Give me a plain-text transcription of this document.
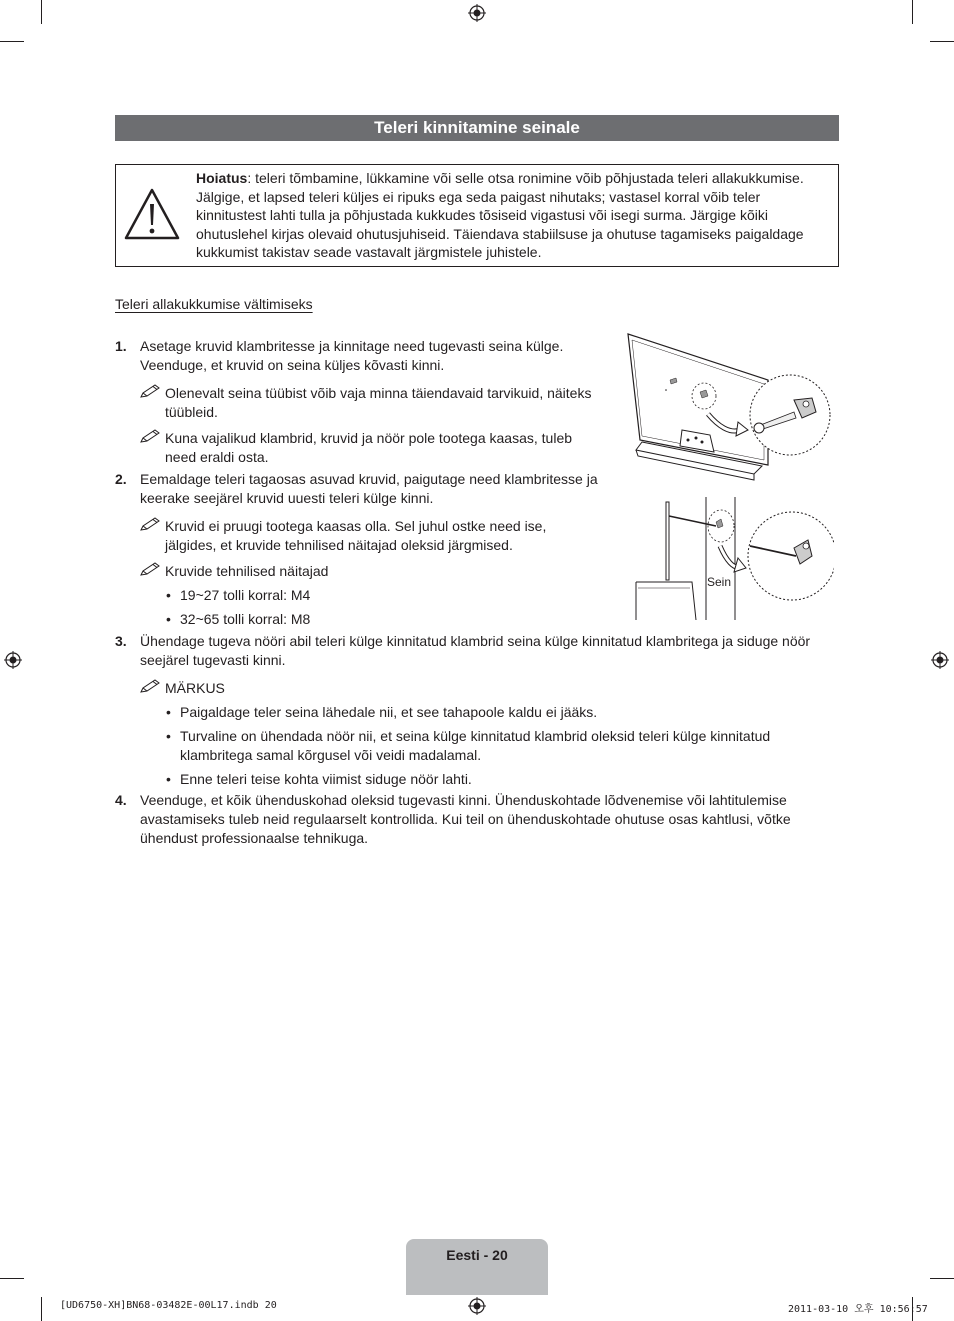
Teleri kinnitamine seinale
Hoiatus: teleri tõmbamine, lükkamine või selle otsa ronimine võib põhjustada teleri allakukkumise. Jälgige, et lapsed teleri küljes ei ripuks ega seda paigast nihutaks; vastasel korral võib teler kinnitustest lahti tulla ja põhjustada kukkudes tõsiseid vigastusi või isegi surma. Järgige kõiki ohutuslehel kirjas olevaid ohutusjuhiseid. Täiendava stabiilsuse ja ohutuse tagamiseks paigaldage kukkumist takistav seade vastavalt järgmistele juhistele.
Teleri allakukkumise vältimiseks
1. Asetage kruvid klambritesse ja kinnitage need tugevasti seina külge.
Veenduge, et kruvid on seina küljes kõvasti kinni.
Olenevalt seina tüübist võib vaja minna täiendavaid tarvikuid, näiteks
tüübleid.
Kuna vajalikud klambrid, kruvid ja nöör pole tootega kaasas, tuleb
need eraldi osta.
2. Eemaldage teleri tagaosas asuvad kruvid, paigutage need klambritesse ja
keerake seejärel kruvid uuesti teleri külge kinni.
Kruvid ei pruugi tootega kaasas olla. Sel juhul ostke need ise,
jälgides, et kruvide tehnilised näitajad oleksid järgmised.
Kruvide tehnilised näitajad
• 19~27 tolli korral: M4
• 32~65 tolli korral: M8
3. Ühendage tugeva nööri abil teleri külge kinnitatud klambrid seina külge kinnitatud klambritega ja siduge nöör
seejärel tugevasti kinni.
MÄRKUS
• Paigaldage teler seina lähedale nii, et see tahapoole kaldu ei jääks.
• Turvaline on ühendada nöör nii, et seina külge kinnitatud klambrid oleksid teleri külge kinnitatud
klambritega samal kõrgusel või veidi madalamal.
• Enne teleri teise kohta viimist siduge nöör lahti.
4. Veenduge, et kõik ühenduskohad oleksid tugevasti kinni. Ühenduskohtade lõdvenemise või lahtitulemise
avastamiseks tuleb neid regulaarselt kontrollida. Kui teil on ühenduskohtade ohutuse osas kahtlusi, võtke
ühendust professionaalse tehnikuga.
Sein
Eesti - 20
[UD6750-XH]BN68-03482E-00L17.indb 20	2011-03-10 오후 10:56:57
